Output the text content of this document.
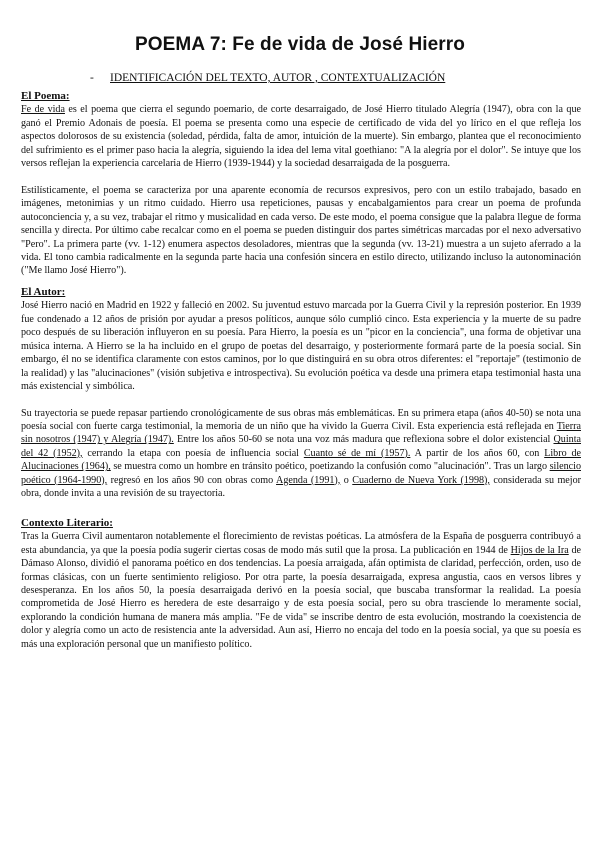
POEMA 7: Fe de vida de José Hierro
- IDENTIFICACIÓN DEL TEXTO, AUTOR , CONTEXTUALIZACIÓN

El Poema:

Fe de vida es el poema que cierra el segundo poemario, de corte desarraigado, de José Hierro titulado Alegría (1947), obra con la que ganó el Premio Adonais de poesía. El poema se presenta como una especie de certificado de vida del yo lírico en el que refleja los aspectos dolorosos de su existencia (soledad, pérdida, falta de amor, intuición de la muerte). Sin embargo, plantea que el reconocimiento del sufrimiento es el primer paso hacia la alegría, siguiendo la idea del lema vital goethiano: "A la alegría por el dolor". Se intuye que los versos reflejan la experiencia carcelaria de Hierro (1939-1944) y la sociedad desarraigada de la posguerra.

Estilísticamente, el poema se caracteriza por una aparente economía de recursos expresivos, pero con un estilo trabajado, basado en imágenes, metonimias y un ritmo cuidado. Hierro usa repeticiones, pausas y encabalgamientos para crear un poema de profunda autoconciencia y, a su vez, trabajar el ritmo y musicalidad en cada verso. De este modo, el poema consigue que la palabra llegue de forma sencilla y directa. Por último cabe recalcar como en el poema se pueden distinguir dos partes simétricas marcadas por el nexo adversativo "Pero". La primera parte (vv. 1-12) enumera aspectos desoladores, mientras que la segunda (vv. 13-21) muestra a un sujeto aferrado a la vida. El tono cambia radicalmente en la segunda parte hacia una confesión sincera en estilo directo, utilizando incluso la autonominación ("Me llamo José Hierro").

El Autor:

José Hierro nació en Madrid en 1922 y falleció en 2002. Su juventud estuvo marcada por la Guerra Civil y la represión posterior. En 1939 fue condenado a 12 años de prisión por ayudar a presos políticos, aunque sólo cumplió cinco. Esta experiencia y la muerte de su padre poco después de su liberación influyeron en su poesía. Para Hierro, la poesía es un "picor en la conciencia", una forma de objetivar una música interna. A Hierro se la ha incluido en el grupo de poetas del desarraigo, y posteriormente formará parte de la poesía social. Sin embargo, él no se identifica claramente con estos caminos, por lo que distinguirá en su obra otros diferentes: el "reportaje" (testimonio de la realidad) y las "alucinaciones" (visión subjetiva e introspectiva). Su evolución poética va desde una primera etapa testimonial hasta una más existencial y simbólica.

Su trayectoria se puede repasar partiendo cronológicamente de sus obras más emblemáticas. En su primera etapa (años 40-50) se nota una poesía social con fuerte carga testimonial, la memoria de un niño que ha vivido la Guerra Civil. Esta experiencia está reflejada en Tierra sin nosotros (1947) y Alegría (1947). Entre los años 50-60 se nota una voz más madura que reflexiona sobre el dolor existencial Quinta del 42 (1952), cerrando la etapa con poesía de influencia social Cuanto sé de mí (1957). A partir de los años 60, con Libro de Alucinaciones (1964), se muestra como un hombre en tránsito poético, poetizando la confusión como "alucinación". Tras un largo silencio poético (1964-1990), regresó en los años 90 con obras como Agenda (1991), o Cuaderno de Nueva York (1998), considerada su mejor obra, donde invita a una revisión de su trayectoria.

Contexto Literario:

Tras la Guerra Civil aumentaron notablemente el florecimiento de revistas poéticas. La atmósfera de la España de posguerra contribuyó a esta abundancia, ya que la poesía podía sugerir ciertas cosas de modo más sutil que la prosa. La publicación en 1944 de Hijos de la Ira de Dámaso Alonso, dividió el panorama poético en dos tendencias. La poesía arraigada, afán optimista de claridad, perfección, orden, uso de formas clásicas, con un fuerte sentimiento religioso. Por otra parte, la poesía desarraigada, expresa angustia, caos en versos libres y desesperanza. En los años 50, la poesía desarraigada derivó en la poesía social, que buscaba transformar la realidad. La poesía comprometida de José Hierro es heredera de este desarraigo y de esta poesía social, pero su obra trasciende lo meramente social, explorando la condición humana de manera más amplia. "Fe de vida" se inscribe dentro de esta evolución, mostrando la coexistencia de dolor y alegría como un acto de resistencia ante la adversidad. Aun así, Hierro no encaja del todo en la poesía social, ya que su poesía es más una exploración personal que un manifiesto político.
